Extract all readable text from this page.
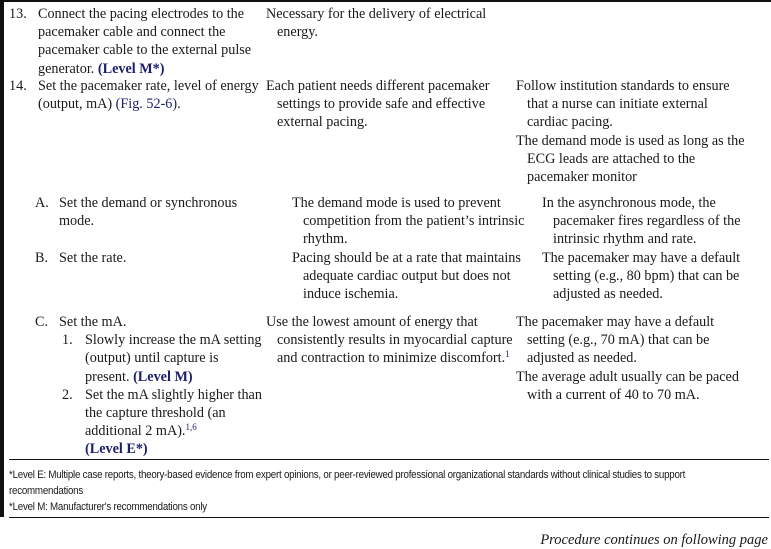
13. Connect the pacing electrodes to the pacemaker cable and connect the pacemaker cable to the external pulse generator. (Level M*)

Necessary for the delivery of electrical energy.

14. Set the pacemaker rate, level of energy (output, mA) (Fig. 52-6).

Each patient needs different pacemaker settings to provide safe and effective external pacing.

Follow institution standards to ensure that a nurse can initiate external cardiac pacing.

The demand mode is used as long as the ECG leads are attached to the pacemaker monitor

A. Set the demand or synchronous mode.

The demand mode is used to prevent competition from the patient’s intrinsic rhythm.

In the asynchronous mode, the pacemaker fires regardless of the intrinsic rhythm and rate.

B. Set the rate.	Pacing should be at a rate that maintains adequate cardiac output but does not induce ischemia.

The pacemaker may have a default setting (e.g., 80 bpm) that can be adjusted as needed.

C. Set the mA.
1. Slowly increase the mA setting (output) until capture is present. (Level M)
2. Set the mA slightly higher than the capture threshold (an additional 2 mA).$^{1,6}$
(Level E*)

Use the lowest amount of energy that consistently results in myocardial capture and contraction to minimize discomfort.$^1$

The pacemaker may have a default setting (e.g., 70 mA) that can be adjusted as needed.

The average adult usually can be paced with a current of 40 to 70 mA.

*Level E: Multiple case reports, theory-based evidence from expert opinions, or peer-reviewed professional organizational standards without clinical studies to support recommendations
*Level M: Manufacturer's recommendations only
Procedure continues on following page
